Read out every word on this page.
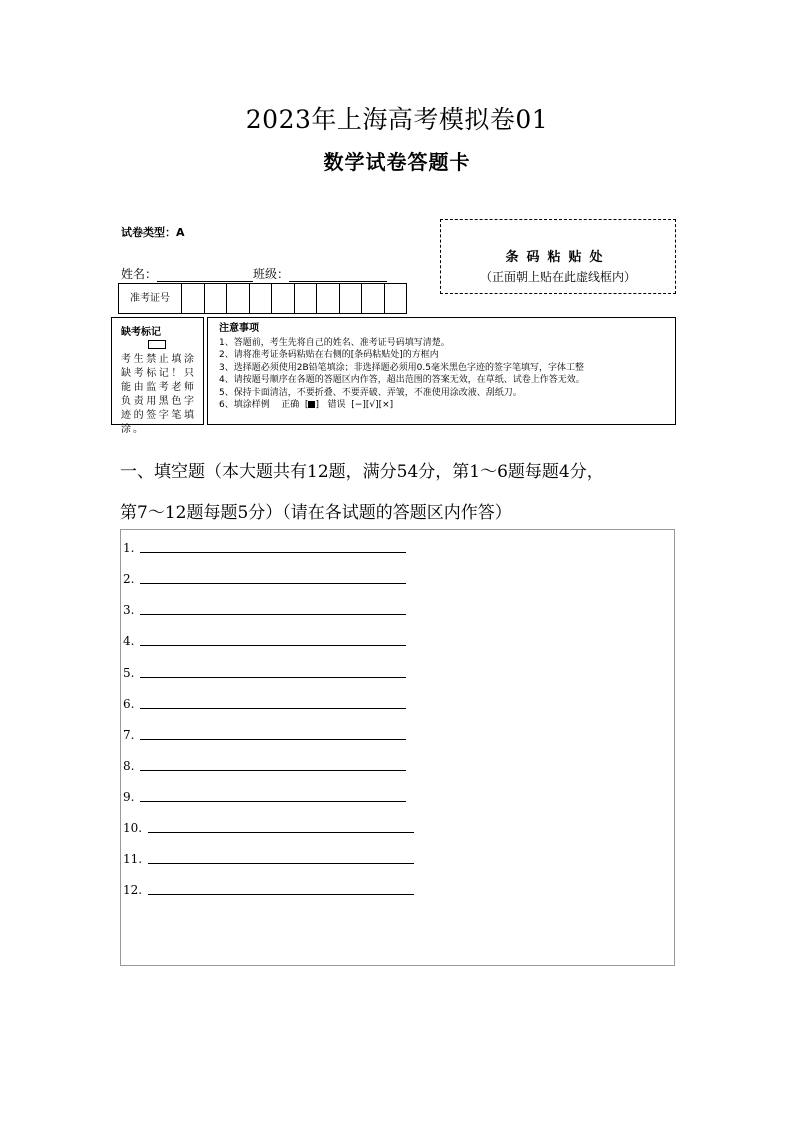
2023年上海高考模拟卷01
数学试卷答题卡
试卷类型：A
姓名：	班级：
条码粘贴处
（正面朝上贴在此虚线框内）
准考证号
缺考标记
考生禁止填涂缺考标记！只能由监考老师负责用黑色字迹的签字笔填涂。
注意事项
1、答题前，考生先将自己的姓名、准考证号码填写清楚。
2、请将准考证条码粘贴在右侧的[条码粘贴处]的方框内
3、选择题必须使用2B铅笔填涂；非选择题必须用0.5毫米黑色字迹的签字笔填写，字体工整
4、请按题号顺序在各题的答题区内作答，超出范围的答案无效，在草纸、试卷上作答无效。
5、保持卡面清洁，不要折叠、不要弄破、弄皱，不准使用涂改液、刮纸刀。
6、填涂样例 正确  [ ]   错误 [−][√][×]
一、填空题（本大题共有12题，满分54分，第1～6题每题4分，
第7～12题每题5分）（请在各试题的答题区内作答）
1.
2.
3.
4.
5.
6.
7.
8.
9.
10.
11.
12.
